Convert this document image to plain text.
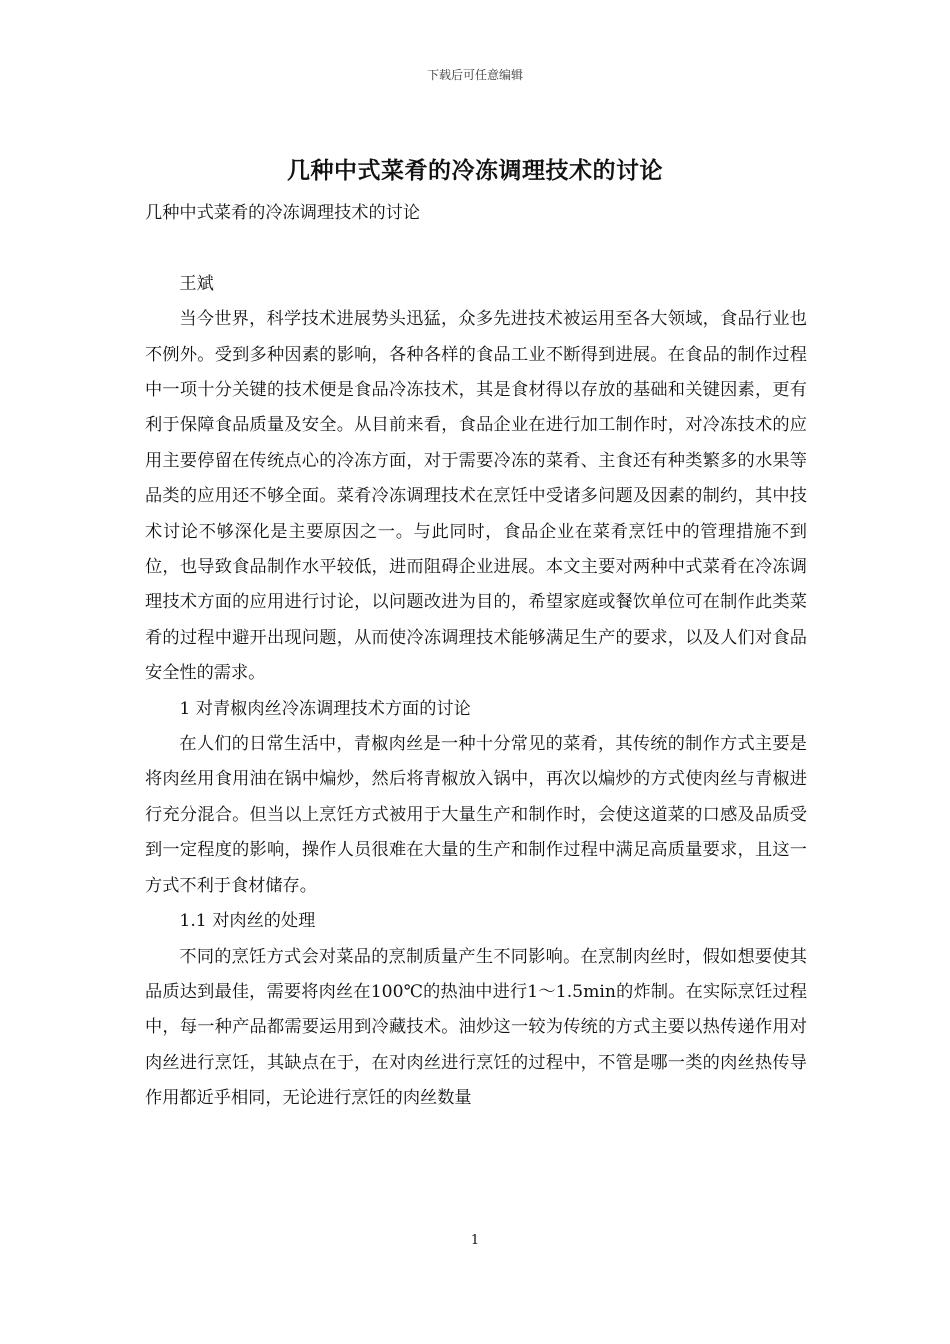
下载后可任意编辑
几种中式菜肴的冷冻调理技术的讨论

几种中式菜肴的冷冻调理技术的讨论

王斌

当今世界，科学技术进展势头迅猛，众多先进技术被运用至各大领域，食品行业也不例外。受到多种因素的影响，各种各样的食品工业不断得到进展。在食品的制作过程中一项十分关键的技术便是食品冷冻技术，其是食材得以存放的基础和关键因素，更有利于保障食品质量及安全。从目前来看，食品企业在进行加工制作时，对冷冻技术的应用主要停留在传统点心的冷冻方面，对于需要冷冻的菜肴、主食还有种类繁多的水果等品类的应用还不够全面。菜肴冷冻调理技术在烹饪中受诸多问题及因素的制约，其中技术讨论不够深化是主要原因之一。与此同时，食品企业在菜肴烹饪中的管理措施不到位，也导致食品制作水平较低，进而阻碍企业进展。本文主要对两种中式菜肴在冷冻调理技术方面的应用进行讨论，以问题改进为目的，希望家庭或餐饮单位可在制作此类菜肴的过程中避开出现问题，从而使冷冻调理技术能够满足生产的要求，以及人们对食品安全性的需求。

1 对青椒肉丝冷冻调理技术方面的讨论

在人们的日常生活中，青椒肉丝是一种十分常见的菜肴，其传统的制作方式主要是将肉丝用食用油在锅中煸炒，然后将青椒放入锅中，再次以煸炒的方式使肉丝与青椒进行充分混合。但当以上烹饪方式被用于大量生产和制作时，会使这道菜的口感及品质受到一定程度的影响，操作人员很难在大量的生产和制作过程中满足高质量要求，且这一方式不利于食材储存。

1.1 对肉丝的处理

不同的烹饪方式会对菜品的烹制质量产生不同影响。在烹制肉丝时，假如想要使其品质达到最佳，需要将肉丝在100℃的热油中进行1～1.5min的炸制。在实际烹饪过程中，每一种产品都需要运用到冷藏技术。油炒这一较为传统的方式主要以热传递作用对肉丝进行烹饪，其缺点在于，在对肉丝进行烹饪的过程中，不管是哪一类的肉丝热传导作用都近乎相同，无论进行烹饪的肉丝数量

1
